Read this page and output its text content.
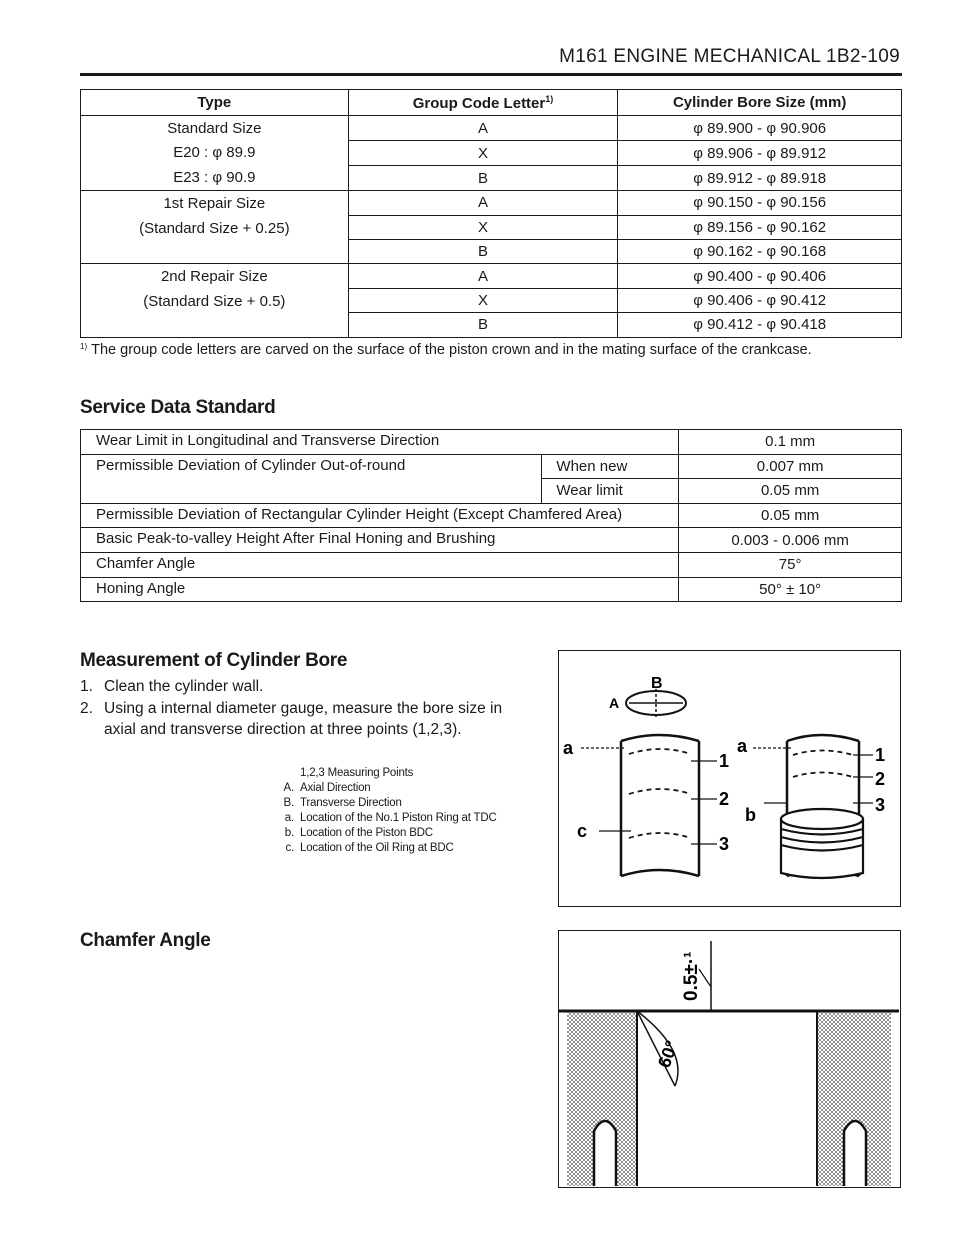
M161 ENGINE MECHANICAL 1B2-109
Type	Group Code Letter$^{1)}$	Cylinder Bore Size (mm)

Standard Size
E20 : φ 89.9
E23 : φ 90.9	A	φ 89.900 - φ 90.906
	X	φ 89.906 - φ 89.912
	B	φ 89.912 - φ 89.918

1st Repair Size
(Standard Size + 0.25)	A	φ 90.150 - φ 90.156
	X	φ 89.156 - φ 90.162
	B	φ 90.162 - φ 90.168

2nd Repair Size
(Standard Size + 0.5)	A	φ 90.400 - φ 90.406
	X	φ 90.406 - φ 90.412
	B	φ 90.412 - φ 90.418
$^{1)}$ The group code letters are carved on the surface of the piston crown and in the mating surface of the crankcase.
Service Data Standard
Wear Limit in Longitudinal and Transverse Direction		0.1 mm
Permissible Deviation of Cylinder Out-of-round	When new	0.007 mm
	Wear limit	0.05 mm
Permissible Deviation of Rectangular Cylinder Height (Except Chamfered Area)		0.05 mm
Basic Peak-to-valley Height After Final Honing and Brushing		0.003 - 0.006 mm
Chamfer Angle		75°
Honing Angle		50° ± 10°
Measurement of Cylinder Bore
1. Clean the cylinder wall.
2. Using a internal diameter gauge, measure the bore size in axial and transverse direction at three points (1,2,3).
1,2,3 Measuring Points
A. Axial Direction
B. Transverse Direction
a. Location of the No.1 Piston Ring at TDC
b. Location of the Piston BDC
c. Location of the Oil Ring at BDC
B
A
a
c
1
2
3
a
b
1
2
3
Chamfer Angle
0.5±·¹
60°
